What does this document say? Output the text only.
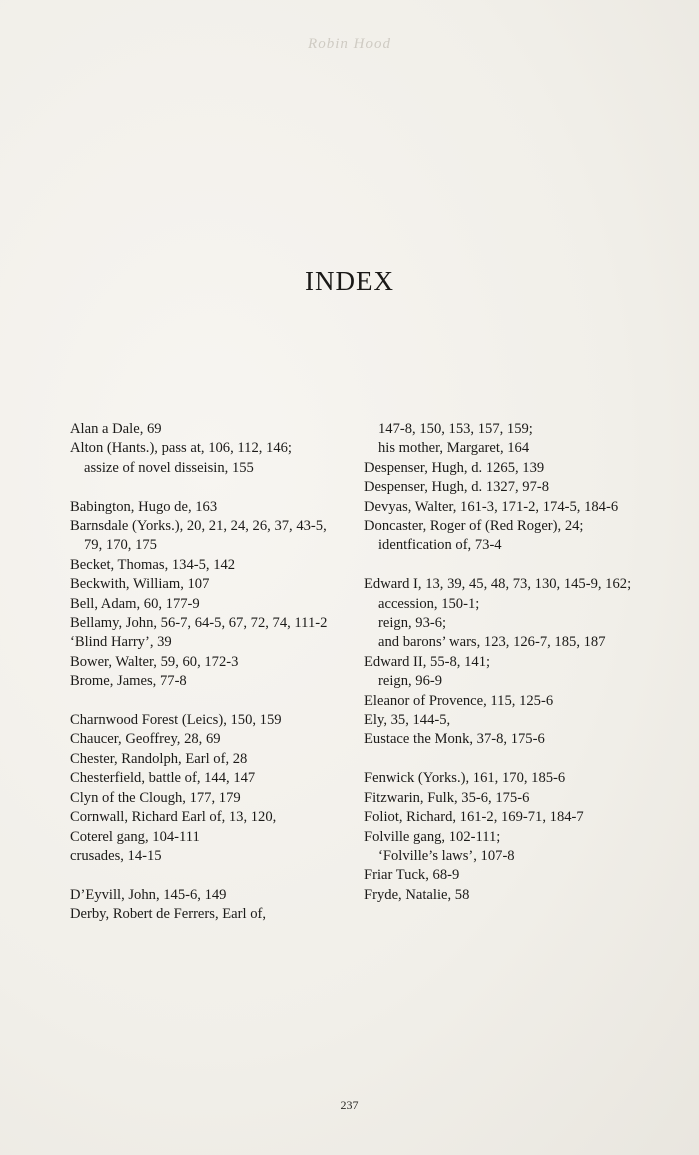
Robin Hood
INDEX
Alan a Dale, 69
Alton (Hants.), pass at, 106, 112, 146;
assize of novel disseisin, 155
Babington, Hugo de, 163
Barnsdale (Yorks.), 20, 21, 24, 26, 37, 43-5, 79, 170, 175
Becket, Thomas, 134-5, 142
Beckwith, William, 107
Bell, Adam, 60, 177-9
Bellamy, John, 56-7, 64-5, 67, 72, 74, 111-2
‘Blind Harry’, 39
Bower, Walter, 59, 60, 172-3
Brome, James, 77-8
Charnwood Forest (Leics), 150, 159
Chaucer, Geoffrey, 28, 69
Chester, Randolph, Earl of, 28
Chesterfield, battle of, 144, 147
Clyn of the Clough, 177, 179
Cornwall, Richard Earl of, 13, 120,
Coterel gang, 104-111
crusades, 14-15
D’Eyvill, John, 145-6, 149
Derby, Robert de Ferrers, Earl of,
147-8, 150, 153, 157, 159;
his mother, Margaret, 164
Despenser, Hugh, d. 1265, 139
Despenser, Hugh, d. 1327, 97-8
Devyas, Walter, 161-3, 171-2, 174-5, 184-6
Doncaster, Roger of (Red Roger), 24;
identfication of, 73-4
Edward I, 13, 39, 45, 48, 73, 130, 145-9, 162;
accession, 150-1;
reign, 93-6;
and barons’ wars, 123, 126-7, 185, 187
Edward II, 55-8, 141;
reign, 96-9
Eleanor of Provence, 115, 125-6
Ely, 35, 144-5,
Eustace the Monk, 37-8, 175-6
Fenwick (Yorks.), 161, 170, 185-6
Fitzwarin, Fulk, 35-6, 175-6
Foliot, Richard, 161-2, 169-71, 184-7
Folville gang, 102-111;
‘Folville’s laws’, 107-8
Friar Tuck, 68-9
Fryde, Natalie, 58
237
